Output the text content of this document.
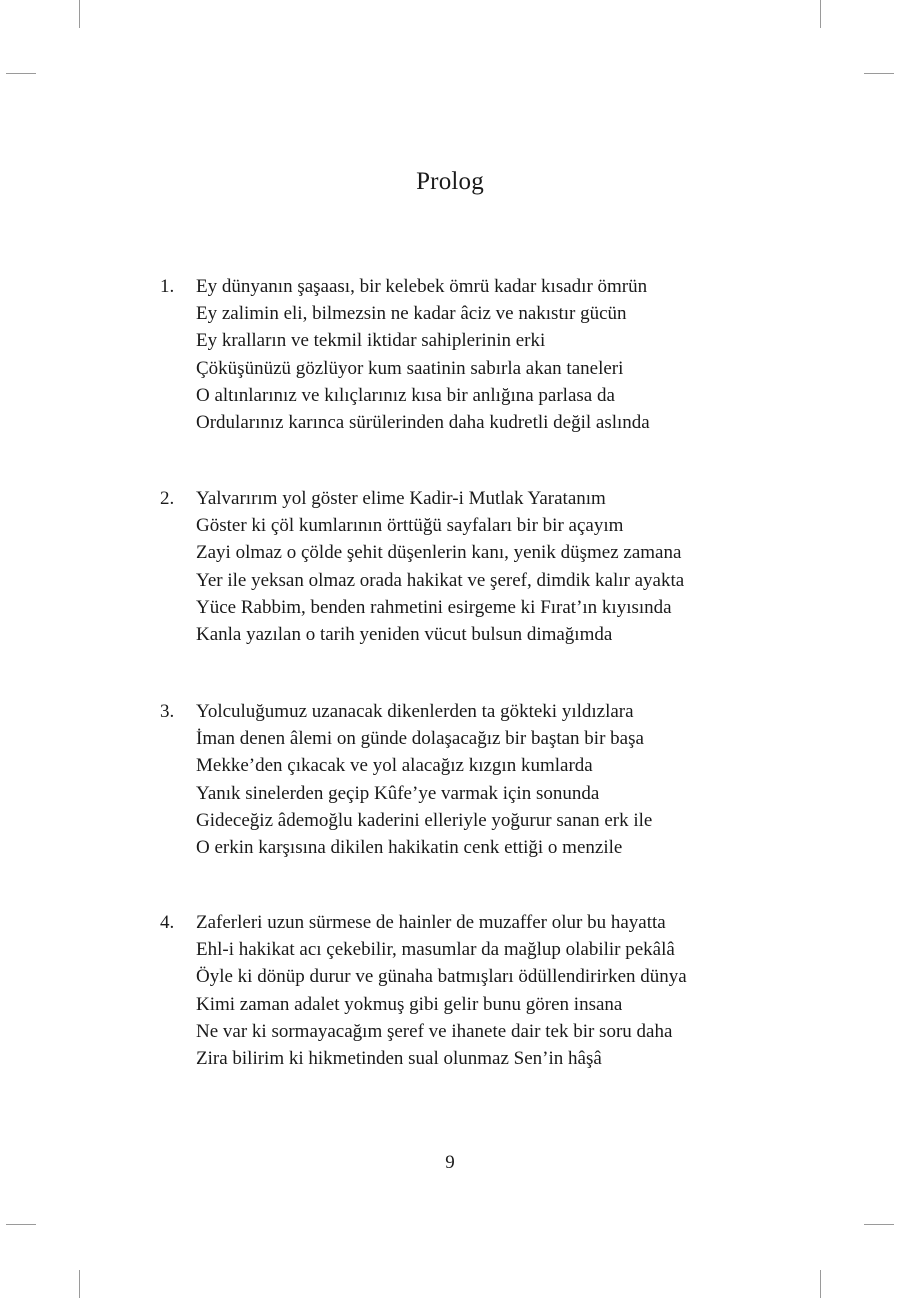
Prolog
1. Ey dünyanın şaşaası, bir kelebek ömrü kadar kısadır ömrün
Ey zalimin eli, bilmezsin ne kadar âciz ve nakıstır gücün
Ey kralların ve tekmil iktidar sahiplerinin erki
Çöküşünüzü gözlüyor kum saatinin sabırla akan taneleri
O altınlarınız ve kılıçlarınız kısa bir anlığına parlasa da
Ordularınız karınca sürülerinden daha kudretli değil aslında
2. Yalvarırım yol göster elime Kadir-i Mutlak Yaratanım
Göster ki çöl kumlarının örttüğü sayfaları bir bir açayım
Zayi olmaz o çölde şehit düşenlerin kanı, yenik düşmez zamana
Yer ile yeksan olmaz orada hakikat ve şeref, dimdik kalır ayakta
Yüce Rabbim, benden rahmetini esirgeme ki Fırat’ın kıyısında
Kanla yazılan o tarih yeniden vücut bulsun dimağımda
3. Yolculuğumuz uzanacak dikenlerden ta gökteki yıldızlara
İman denen âlemi on günde dolaşacağız bir baştan bir başa
Mekke’den çıkacak ve yol alacağız kızgın kumlarda
Yanık sinelerden geçip Kûfe’ye varmak için sonunda
Gideceğiz âdemoğlu kaderini elleriyle yoğurur sanan erk ile
O erkin karşısına dikilen hakikatin cenk ettiği o menzile
4. Zaferleri uzun sürmese de hainler de muzaffer olur bu hayatta
Ehl-i hakikat acı çekebilir, masumlar da mağlup olabilir pekâlâ
Öyle ki dönüp durur ve günaha batmışları ödüllendirirken dünya
Kimi zaman adalet yokmuş gibi gelir bunu gören insana
Ne var ki sormayacağım şeref ve ihanete dair tek bir soru daha
Zira bilirim ki hikmetinden sual olunmaz Sen’in hâşâ
9
